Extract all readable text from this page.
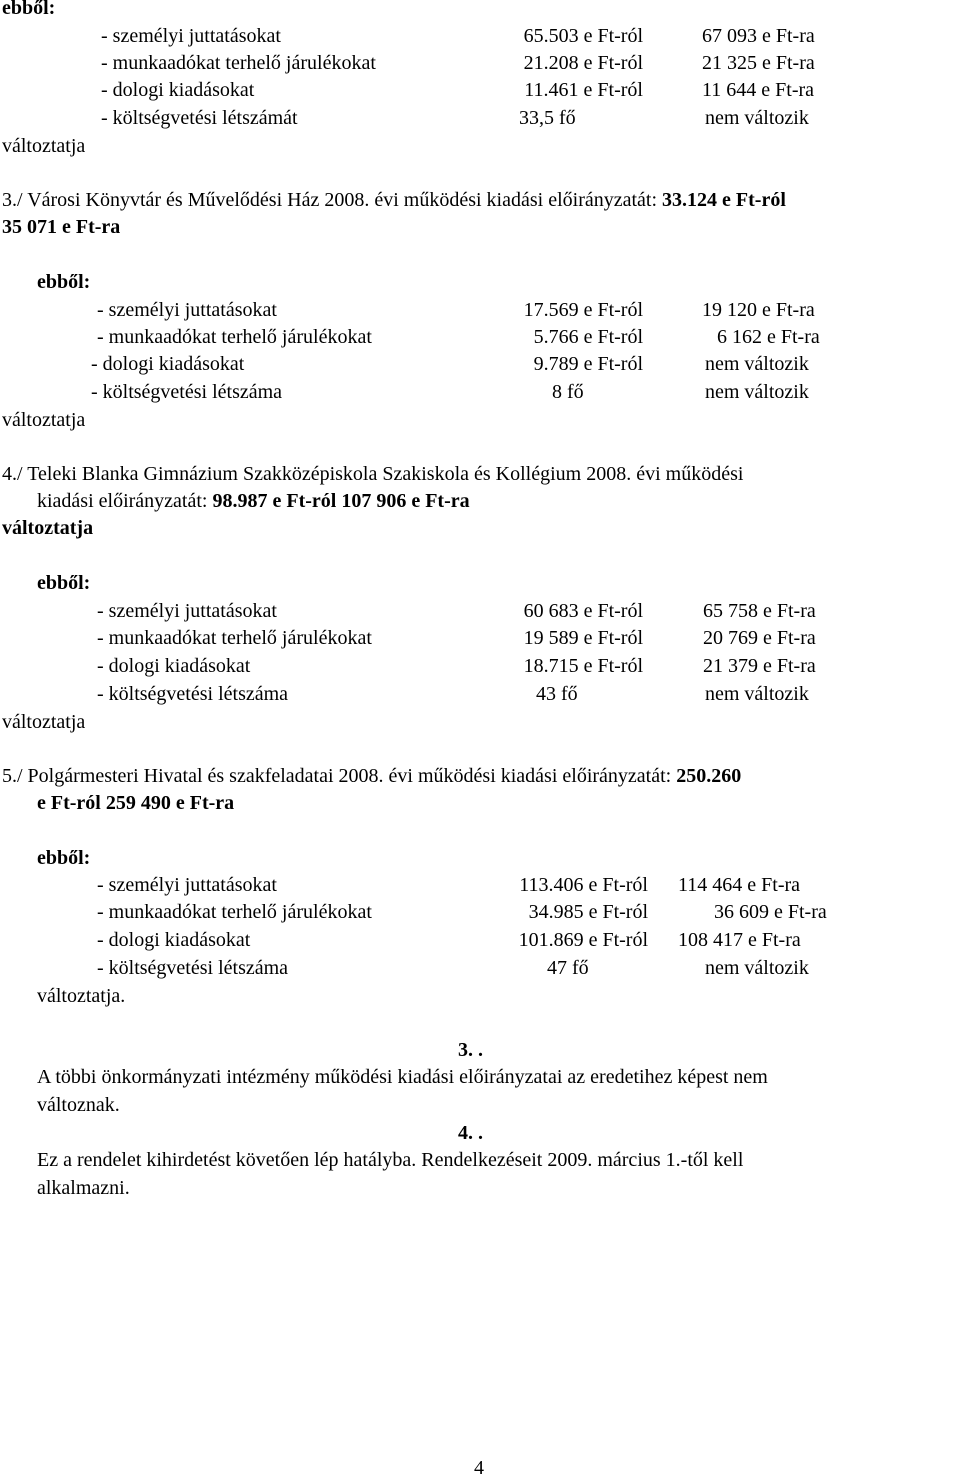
ebből:
- személyi juttatásokat	65.503 e Ft-ról	67 093 e Ft-ra
- munkaadókat terhelő járulékokat	21.208 e Ft-ról	21 325 e Ft-ra
- dologi kiadásokat	11.461 e Ft-ról	11 644 e Ft-ra
- költségvetési létszámát	33,5 fő	nem változik
változtatja
3./ Városi Könyvtár és Művelődési Ház 2008. évi működési kiadási előirányzatát: 33.124 e Ft-ról
35 071 e Ft-ra
ebből:
- személyi juttatásokat	17.569 e Ft-ról	19 120 e Ft-ra
- munkaadókat terhelő járulékokat	5.766 e Ft-ról	6 162 e Ft-ra
- dologi kiadásokat	9.789 e Ft-ról	nem változik
- költségvetési létszáma	8 fő	nem változik
változtatja
4./ Teleki Blanka Gimnázium Szakközépiskola Szakiskola és Kollégium 2008. évi működési
kiadási előirányzatát: 98.987 e Ft-ról 107 906 e Ft-ra
változtatja
ebből:
- személyi juttatásokat	60 683 e Ft-ról	65 758 e Ft-ra
- munkaadókat terhelő járulékokat	19 589 e Ft-ról	20 769 e Ft-ra
- dologi kiadásokat	18.715 e Ft-ról	21 379 e Ft-ra
- költségvetési létszáma	43 fő	nem változik
változtatja
5./ Polgármesteri Hivatal és szakfeladatai 2008. évi működési kiadási előirányzatát: 250.260
e Ft-ról 259 490 e Ft-ra
ebből:
- személyi juttatásokat	113.406 e Ft-ról 114 464 e Ft-ra
- munkaadókat terhelő járulékokat	34.985 e Ft-ról	36 609 e Ft-ra
- dologi kiadásokat	101.869 e Ft-ról 108 417 e Ft-ra
- költségvetési létszáma	47 fő	nem változik
változtatja.
3. .
A többi önkormányzati intézmény működési kiadási előirányzatai az eredetihez képest nem
változnak.
4. .
Ez a rendelet kihirdetést követően lép hatályba. Rendelkezéseit 2009. március 1.-től kell
alkalmazni.
4
